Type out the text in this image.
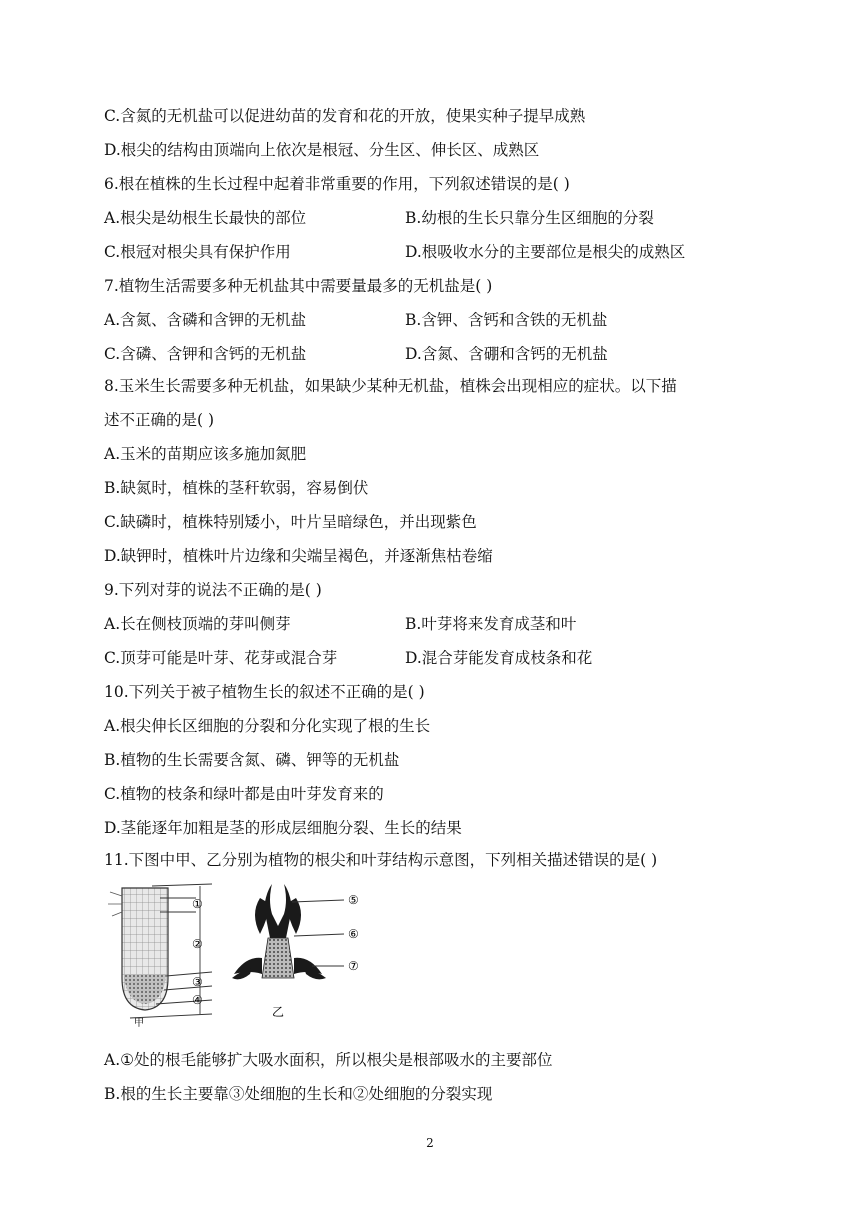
C.含氮的无机盐可以促进幼苗的发育和花的开放，使果实种子提早成熟
D.根尖的结构由顶端向上依次是根冠、分生区、伸长区、成熟区
6.根在植株的生长过程中起着非常重要的作用，下列叙述错误的是( )
A.根尖是幼根生长最快的部位	B.幼根的生长只靠分生区细胞的分裂
C.根冠对根尖具有保护作用	D.根吸收水分的主要部位是根尖的成熟区
7.植物生活需要多种无机盐其中需要量最多的无机盐是( )
A.含氮、含磷和含钾的无机盐	B.含钾、含钙和含铁的无机盐
C.含磷、含钾和含钙的无机盐	D.含氮、含硼和含钙的无机盐
8.玉米生长需要多种无机盐，如果缺少某种无机盐，植株会出现相应的症状。以下描
述不正确的是( )
A.玉米的苗期应该多施加氮肥
B.缺氮时，植株的茎秆软弱，容易倒伏
C.缺磷时，植株特别矮小，叶片呈暗绿色，并出现紫色
D.缺钾时，植株叶片边缘和尖端呈褐色，并逐渐焦枯卷缩
9.下列对芽的说法不正确的是( )
A.长在侧枝顶端的芽叫侧芽	B.叶芽将来发育成茎和叶
C.顶芽可能是叶芽、花芽或混合芽	D.混合芽能发育成枝条和花
10.下列关于被子植物生长的叙述不正确的是( )
A.根尖伸长区细胞的分裂和分化实现了根的生长
B.植物的生长需要含氮、磷、钾等的无机盐
C.植物的枝条和绿叶都是由叶芽发育来的
D.茎能逐年加粗是茎的形成层细胞分裂、生长的结果
11.下图中甲、乙分别为植物的根尖和叶芽结构示意图，下列相关描述错误的是( )
①
②
③
④
甲
⑤
⑥
⑦
乙
A.①处的根毛能够扩大吸水面积，所以根尖是根部吸水的主要部位
B.根的生长主要靠③处细胞的生长和②处细胞的分裂实现
2
